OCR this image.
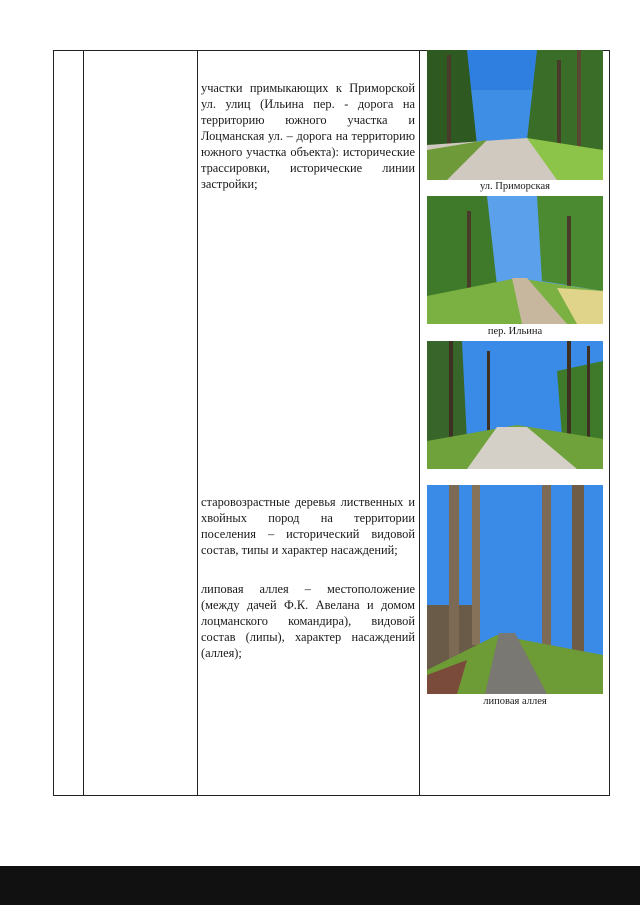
участки примыкающих к Приморской ул. улиц (Ильина пер. - дорога на территорию южного участка и Лоцманская ул. – дорога на территорию южного участка объекта): исторические трассировки, исторические линии застройки;

старовозрастные деревья лиственных и хвойных пород на территории поселения – исторический видовой состав, типы и характер насаждений;

липовая аллея – местоположение (между дачей Ф.К. Авелана и домом лоцманского командира), видовой состав (липы), характер насаждений (аллея);

ул. Приморская
пер. Ильина
липовая аллея
